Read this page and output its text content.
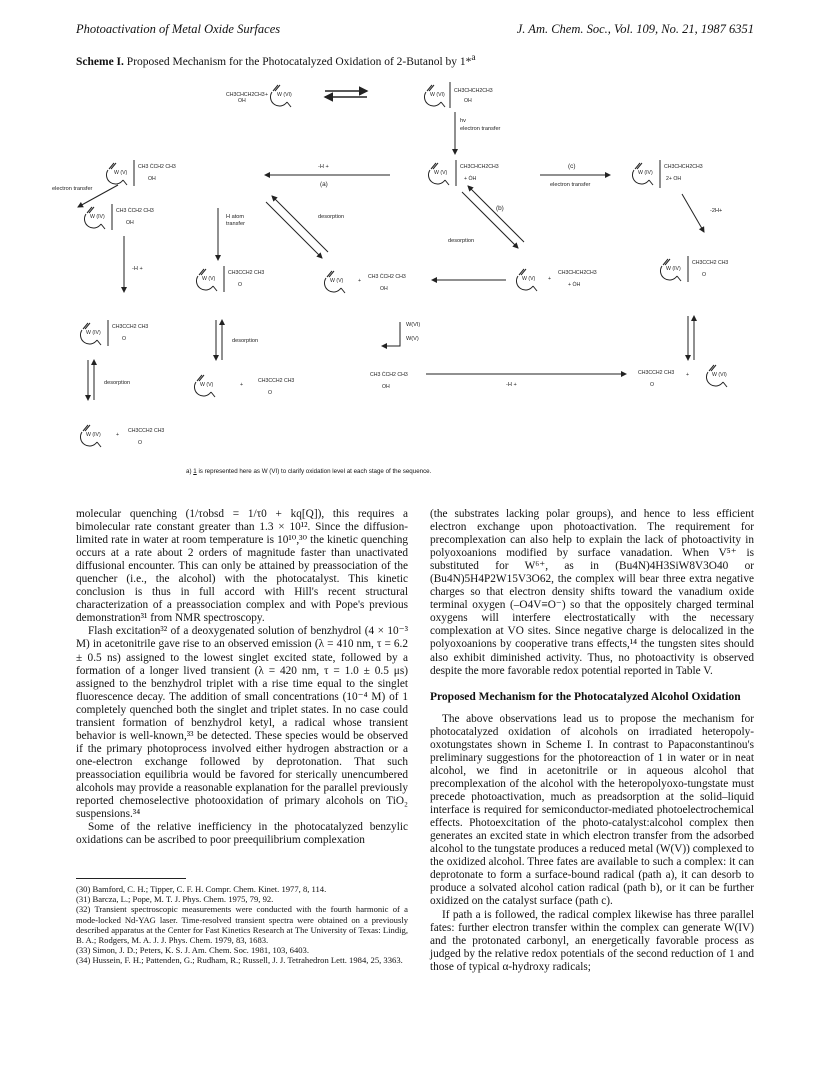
Photoactivation of Metal Oxide Surfaces	J. Am. Chem. Soc., Vol. 109, No. 21, 1987 6351
Scheme I. Proposed Mechanism for the Photocatalyzed Oxidation of 2-Butanol by 1*$^a$
CH3CHCH2CH3
OH
+ W (VI)	W (VI)
CH3CHCH2CH3
OH
hv
electron transfer
W (V)
CH3 ĊCH2 CH3
OH
electron transfer
-H +
(a)
W (V)
CH3CHCH2CH3
+ ȮH
(c)
electron transfer
W (IV)
CH3CHCH2CH3
2+ OH
W (IV)
CH3 ĊCH2 CH3
OH
H atom
transfer
desorption
(b)
desorption
-2H+
-H +
W (V)
CH3CCH2 CH3
O
W (V)	+
CH3 ĊCH2 CH3
OH
W (V) +
CH3CHCH2CH3
+ ȮH
W (IV)
CH3CCH2 CH3
O
W (IV)
CH3CCH2 CH3
O	desorption
W(VI)
W(V)
CH3 ĊCH2 CH3
OH	-H +
CH3CCH2 CH3
O
+	W (VI)
desorption	W (V)	+
CH3CCH2 CH3
O
W (IV)	+
CH3CCH2 CH3
O
a) 1 is represented here as W (VI) to clarify oxidation level at each stage of the sequence.

molecular quenching (1/τobsd = 1/τ0 + kq[Q]), this requires a bimolecular rate constant greater than 1.3 × 10¹². Since the diffusion-limited rate in water at room temperature is 10¹⁰,³⁰ the kinetic quenching occurs at a rate about 2 orders of magnitude faster than unactivated diffusional encounter. This can only be attained by preassociation of the quencher (i.e., the alcohol) with the photocatalyst. This kinetic conclusion is thus in full accord with Hill's recent structural characterization of a preassociation complex and with Pope's previous demonstration³¹ from NMR spectroscopy.

Flash excitation³² of a deoxygenated solution of benzhydrol (4 × 10⁻³ M) in acetonitrile gave rise to an observed emission (λ = 410 nm, τ = 6.2 ± 0.5 ns) assigned to the lowest singlet excited state, followed by a formation of a longer lived transient (λ = 420 nm, τ = 1.0 ± 0.5 μs) assigned to the benzhydrol triplet with a rise time equal to the singlet fluorescence decay. The addition of small concentrations (10⁻⁴ M) of 1 completely quenched both the singlet and triplet states. In no case could transient formation of benzhydrol ketyl, a radical whose transient behavior is well-known,³³ be detected. These species would be observed if the primary photoprocess involved either hydrogen abstraction or a one-electron exchange followed by deprotonation. That such preassociation equilibria would be favored for sterically unencumbered alcohols may provide a reasonable explanation for the parallel previously reported chemoselective photooxidation of primary alcohols on TiO₂ suspensions.³⁴

Some of the relative inefficiency in the photocatalyzed benzylic oxidations can be ascribed to poor preequilibrium complexation

(30) Bamford, C. H.; Tipper, C. F. H. Compr. Chem. Kinet. 1977, 8, 114.
(31) Barcza, L.; Pope, M. T. J. Phys. Chem. 1975, 79, 92.
(32) Transient spectroscopic measurements were conducted with the fourth harmonic of a mode-locked Nd-YAG laser. Time-resolved transient spectra were obtained on a previously described apparatus at the Center for Fast Kinetics Research at The University of Texas: Lindig, B. A.; Rodgers, M. A. J. J. Phys. Chem. 1979, 83, 1683.
(33) Simon, J. D.; Peters, K. S. J. Am. Chem. Soc. 1981, 103, 6403.
(34) Hussein, F. H.; Pattenden, G.; Rudham, R.; Russell, J. J. Tetrahedron Lett. 1984, 25, 3363.

(the substrates lacking polar groups), and hence to less efficient electron exchange upon photoactivation. The requirement for precomplexation can also help to explain the lack of photoactivity in polyoxoanions modified by surface vanadation. When V⁵⁺ is substituted for W⁶⁺, as in (Bu4N)4H3SiW8V3O40 or (Bu4N)5H4P2W15V3O62, the complex will bear three extra negative charges so that electron density shifts toward the vanadium oxide terminal oxygen (–O4V≡O⁻) so that the oppositely charged terminal oxygens will interfere electrostatically with the necessary complexation at VO sites. Since negative charge is delocalized in the polyoxoanions by cooperative trans effects,¹⁴ the tungsten sites should also exhibit diminished activity. Thus, no photoactivity is observed despite the more favorable redox potential reported in Table V.

Proposed Mechanism for the Photocatalyzed Alcohol Oxidation

The above observations lead us to propose the mechanism for photocatalyzed oxidation of alcohols on irradiated heteropoly-oxotungstates shown in Scheme I. In contrast to Papaconstantinou's preliminary suggestions for the photoreaction of 1 in water or in neat alcohol, we find in acetonitrile or in aqueous alcohol that precomplexation of the alcohol with the heteropolyoxo-tungstate must precede photoactivation, much as preadsorption at the solid–liquid interface is required for semiconductor-mediated photoelectrochemical effects. Photoexcitation of the photo-catalyst:alcohol complex then generates an excited state in which electron transfer from the adsorbed alcohol to the tungstate produces a reduced metal (W(V)) complexed to the oxidized alcohol. Three fates are available to such a complex: it can deprotonate to form a surface-bound radical (path a), it can desorb to produce a solvated alcohol cation radical (path b), or it can be further oxidized on the catalyst surface (path c).

If path a is followed, the radical complex likewise has three parallel fates: further electron transfer within the complex can generate W(IV) and the protonated carbonyl, an energetically favorable process as judged by the relative redox potentials of the second reduction of 1 and those of typical α-hydroxy radicals;
